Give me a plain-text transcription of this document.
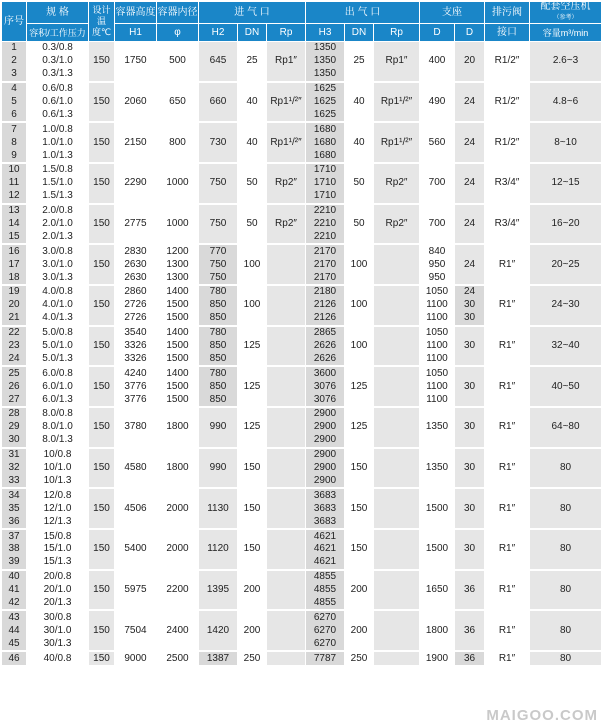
序号	规 格	设计温度℃	容器高度	容器内径	进 气 口			出 气 口			支座		排污阀	配套空压机
（参考）
	容积/工作压力		H1	φ	H2	DN	Rp	H3	DN	Rp	D	D	接口	容量m³/min
1	0.3/0.8	150	1750	500	645	25	Rp1″	1350	25	Rp1″	400	20	R1/2″	2.6~3
2	0.3/1.0							1350						
3	0.3/1.3							1350						
4	0.6/0.8	150	2060	650	660	40	Rp1¹/²″	1625	40	Rp1¹/²″	490	24	R1/2″	4.8~6
5	0.6/1.0							1625						
6	0.6/1.3							1625						
7	1.0/0.8	150	2150	800	730	40	Rp1¹/²″	1680	40	Rp1¹/²″	560	24	R1/2″	8~10
8	1.0/1.0							1680						
9	1.0/1.3							1680						
10	1.5/0.8	150	2290	1000	750	50	Rp2″	1710	50	Rp2″	700	24	R3/4″	12~15
11	1.5/1.0							1710						
12	1.5/1.3							1710						
13	2.0/0.8	150	2775	1000	750	50	Rp2″	2210	50	Rp2″	700	24	R3/4″	16~20
14	2.0/1.0							2210						
15	2.0/1.3							2210						
16	3.0/0.8	150	2830	1200	770	100		2170	100		840	24	R1″	20~25
17	3.0/1.0		2630	1300	750			2170			950			
18	3.0/1.3		2630	1300	750			2170			950			
19	4.0/0.8	150	2860	1400	780	100		2180	100		1050	24	R1″	24~30
20	4.0/1.0		2726	1500	850			2126			1100	30		
21	4.0/1.3		2726	1500	850			2126			1100	30		
22	5.0/0.8	150	3540	1400	780	125		2865	100		1050	30	R1″	32~40
23	5.0/1.0		3326	1500	850			2626			1100			
24	5.0/1.3		3326	1500	850			2626			1100			
25	6.0/0.8	150	4240	1400	780	125		3600	125		1050	30	R1″	40~50
26	6.0/1.0		3776	1500	850			3076			1100			
27	6.0/1.3		3776	1500	850			3076			1100			
28	8.0/0.8	150	3780	1800	990	125		2900	125		1350	30	R1″	64~80
29	8.0/1.0							2900						
30	8.0/1.3							2900						
31	10/0.8	150	4580	1800	990	150		2900	150		1350	30	R1″	80
32	10/1.0							2900						
33	10/1.3							2900						
34	12/0.8	150	4506	2000	1130	150		3683	150		1500	30	R1″	80
35	12/1.0							3683						
36	12/1.3							3683						
37	15/0.8	150	5400	2000	1120	150		4621	150		1500	30	R1″	80
38	15/1.0							4621						
39	15/1.3							4621						
40	20/0.8	150	5975	2200	1395	200		4855	200		1650	36	R1″	80
41	20/1.0							4855						
42	20/1.3							4855						
43	30/0.8	150	7504	2400	1420	200		6270	200		1800	36	R1″	80
44	30/1.0							6270						
45	30/1.3							6270						
46	40/0.8	150	9000	2500	1387	250		7787	250		1900	36	R1″	80
MAIGOO.COM
